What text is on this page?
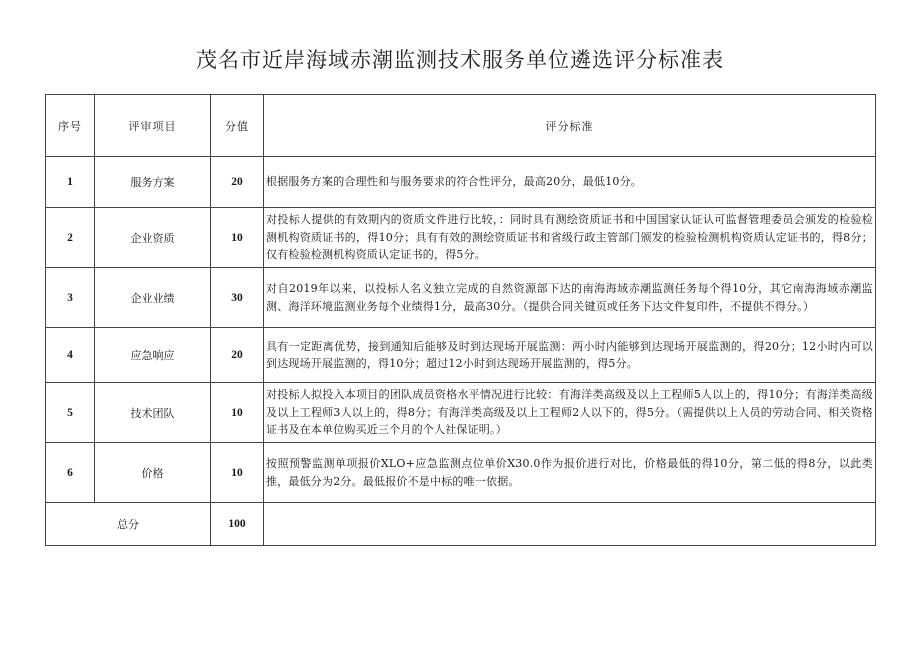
茂名市近岸海域赤潮监测技术服务单位遴选评分标准表
序号	评审项目	分值	评分标准
1	服务方案	20	根据服务方案的合理性和与服务要求的符合性评分，最高20分，最低10分。
2	企业资质	10	对投标人提供的有效期内的资质文件进行比较，：同时具有测绘资质证书和中国国家认证认可监督管理委员会颁发的检验检测机构资质证书的，得10分；具有有效的测绘资质证书和省级行政主管部门颁发的检验检测机构资质认定证书的，得8分；仅有检验检测机构资质认定证书的，得5分。
3	企业业绩	30	对自2019年以来，以投标人名义独立完成的自然资源部下达的南海海域赤潮监测任务每个得10分，其它南海海域赤潮监测、海洋环境监测业务每个业绩得1分，最高30分。（提供合同关键页或任务下达文件复印件，不提供不得分。）
4	应急响应	20	具有一定距离优势，接到通知后能够及时到达现场开展监测：两小时内能够到达现场开展监测的，得20分；12小时内可以到达现场开展监测的，得10分；超过12小时到达现场开展监测的，得5分。
5	技术团队	10	对投标人拟投入本项目的团队成员资格水平情况进行比较：有海洋类高级及以上工程师5人以上的，得10分；有海洋类高级及以上工程师3人以上的，得8分；有海洋类高级及以上工程师2人以下的，得5分。（需提供以上人员的劳动合同、相关资格证书及在本单位购买近三个月的个人社保证明。）
6	价格	10	按照预警监测单项报价XLO+应急监测点位单价X30.0作为报价进行对比，价格最低的得10分，第二低的得8分，以此类推，最低分为2分。最低报价不是中标的唯一依据。
总分		100	
